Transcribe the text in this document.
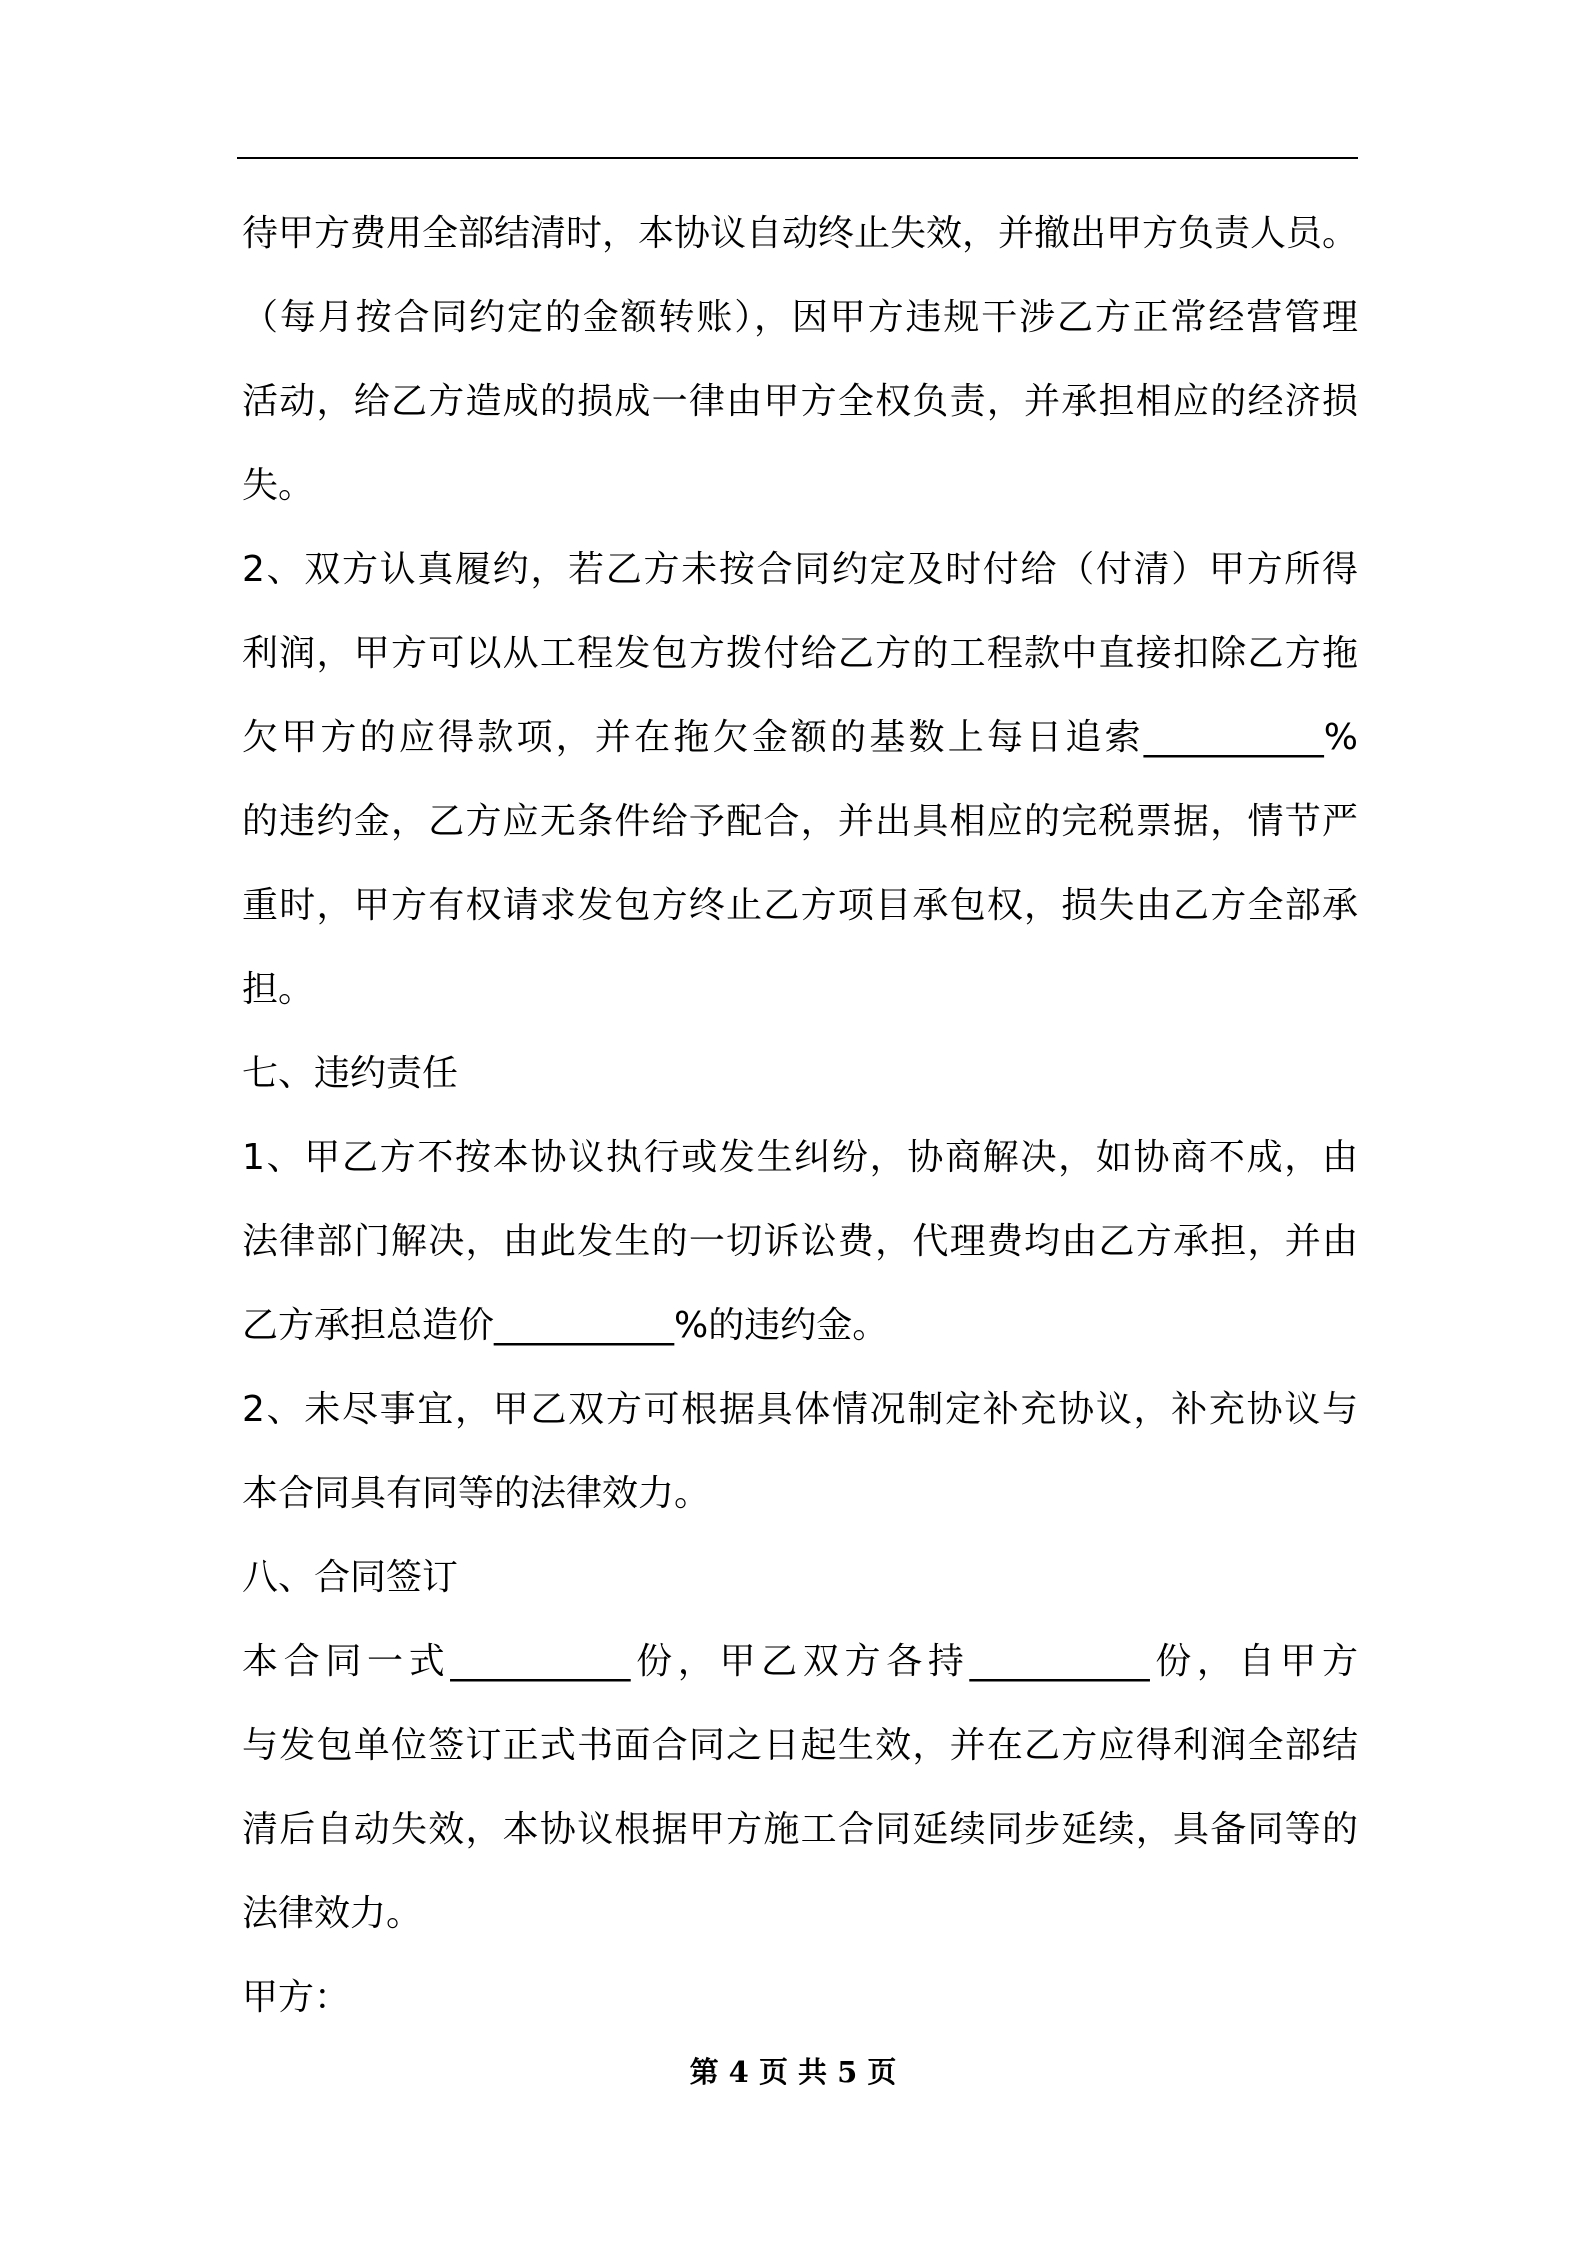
待甲方费用全部结清时，本协议自动终止失效，并撤出甲方负责人员。
（每月按合同约定的金额转账），因甲方违规干涉乙方正常经营管理
活动，给乙方造成的损成一律由甲方全权负责，并承担相应的经济损
失。
2、双方认真履约，若乙方未按合同约定及时付给（付清）甲方所得
利润，甲方可以从工程发包方拨付给乙方的工程款中直接扣除乙方拖
欠甲方的应得款项，并在拖欠金额的基数上每日追索__________%
的违约金，乙方应无条件给予配合，并出具相应的完税票据，情节严
重时，甲方有权请求发包方终止乙方项目承包权，损失由乙方全部承
担。
七、违约责任
1、甲乙方不按本协议执行或发生纠纷，协商解决，如协商不成，由
法律部门解决，由此发生的一切诉讼费，代理费均由乙方承担，并由
乙方承担总造价__________%的违约金。
2、未尽事宜，甲乙双方可根据具体情况制定补充协议，补充协议与
本合同具有同等的法律效力。
八、合同签订
本合同一式__________份，甲乙双方各持__________份，自甲方
与发包单位签订正式书面合同之日起生效，并在乙方应得利润全部结
清后自动失效，本协议根据甲方施工合同延续同步延续，具备同等的
法律效力。
甲方：
第 4 页 共 5 页
